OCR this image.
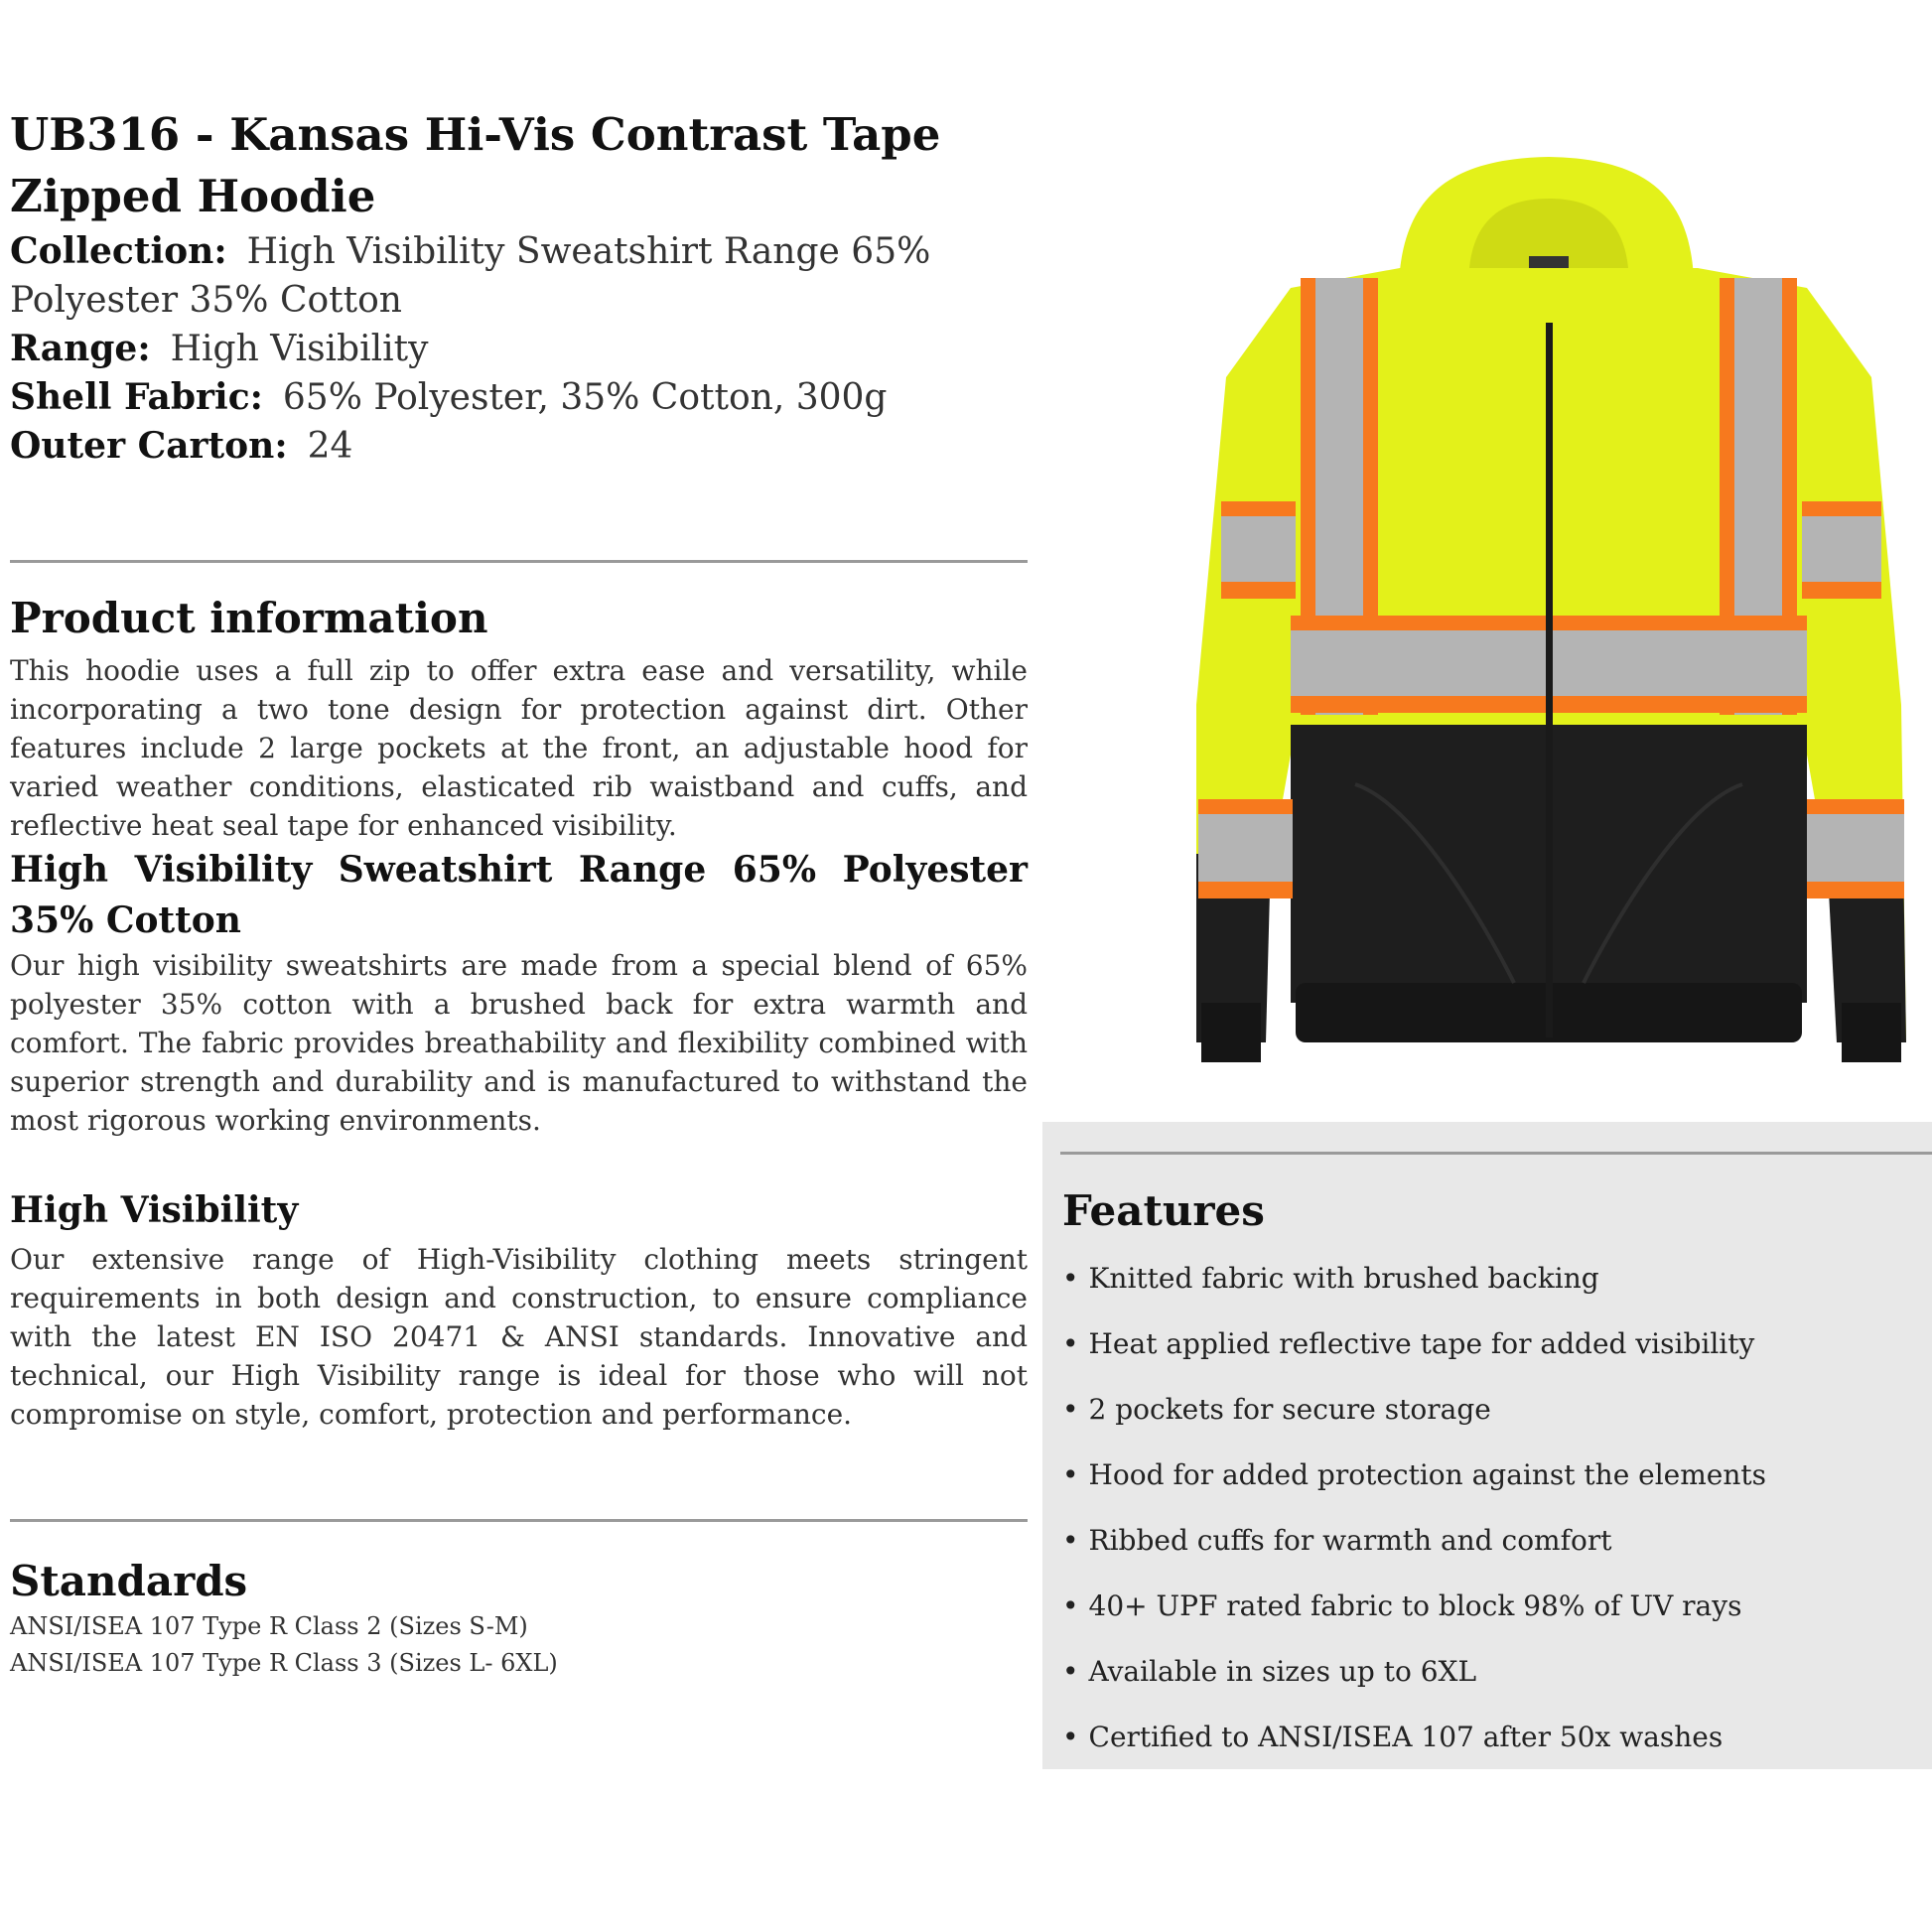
UB316 - Kansas Hi-Vis Contrast Tape Zipped Hoodie
Collection: High Visibility Sweatshirt Range 65% Polyester 35% Cotton
Range: High Visibility
Shell Fabric: 65% Polyester, 35% Cotton, 300g
Outer Carton: 24
Product information

This hoodie uses a full zip to offer extra ease and versatility, while incorporating a two tone design for protection against dirt. Other features include 2 large pockets at the front, an adjustable hood for varied weather conditions, elasticated rib waistband and cuffs, and reflective heat seal tape for enhanced visibility.

High Visibility Sweatshirt Range 65% Polyester 35% Cotton

Our high visibility sweatshirts are made from a special blend of 65% polyester 35% cotton with a brushed back for extra warmth and comfort. The fabric provides breathability and flexibility combined with superior strength and durability and is manufactured to withstand the most rigorous working environments.

High Visibility

Our extensive range of High-Visibility clothing meets stringent requirements in both design and construction, to ensure compliance with the latest EN ISO 20471 & ANSI standards. Innovative and technical, our High Visibility range is ideal for those who will not compromise on style, comfort, protection and performance.

Standards
ANSI/ISEA 107 Type R Class 2 (Sizes S-M)
ANSI/ISEA 107 Type R Class 3 (Sizes L- 6XL)
Features
• Knitted fabric with brushed backing
• Heat applied reflective tape for added visibility
• 2 pockets for secure storage
• Hood for added protection against the elements
• Ribbed cuffs for warmth and comfort
• 40+ UPF rated fabric to block 98% of UV rays
• Available in sizes up to 6XL
• Certified to ANSI/ISEA 107 after 50x washes
